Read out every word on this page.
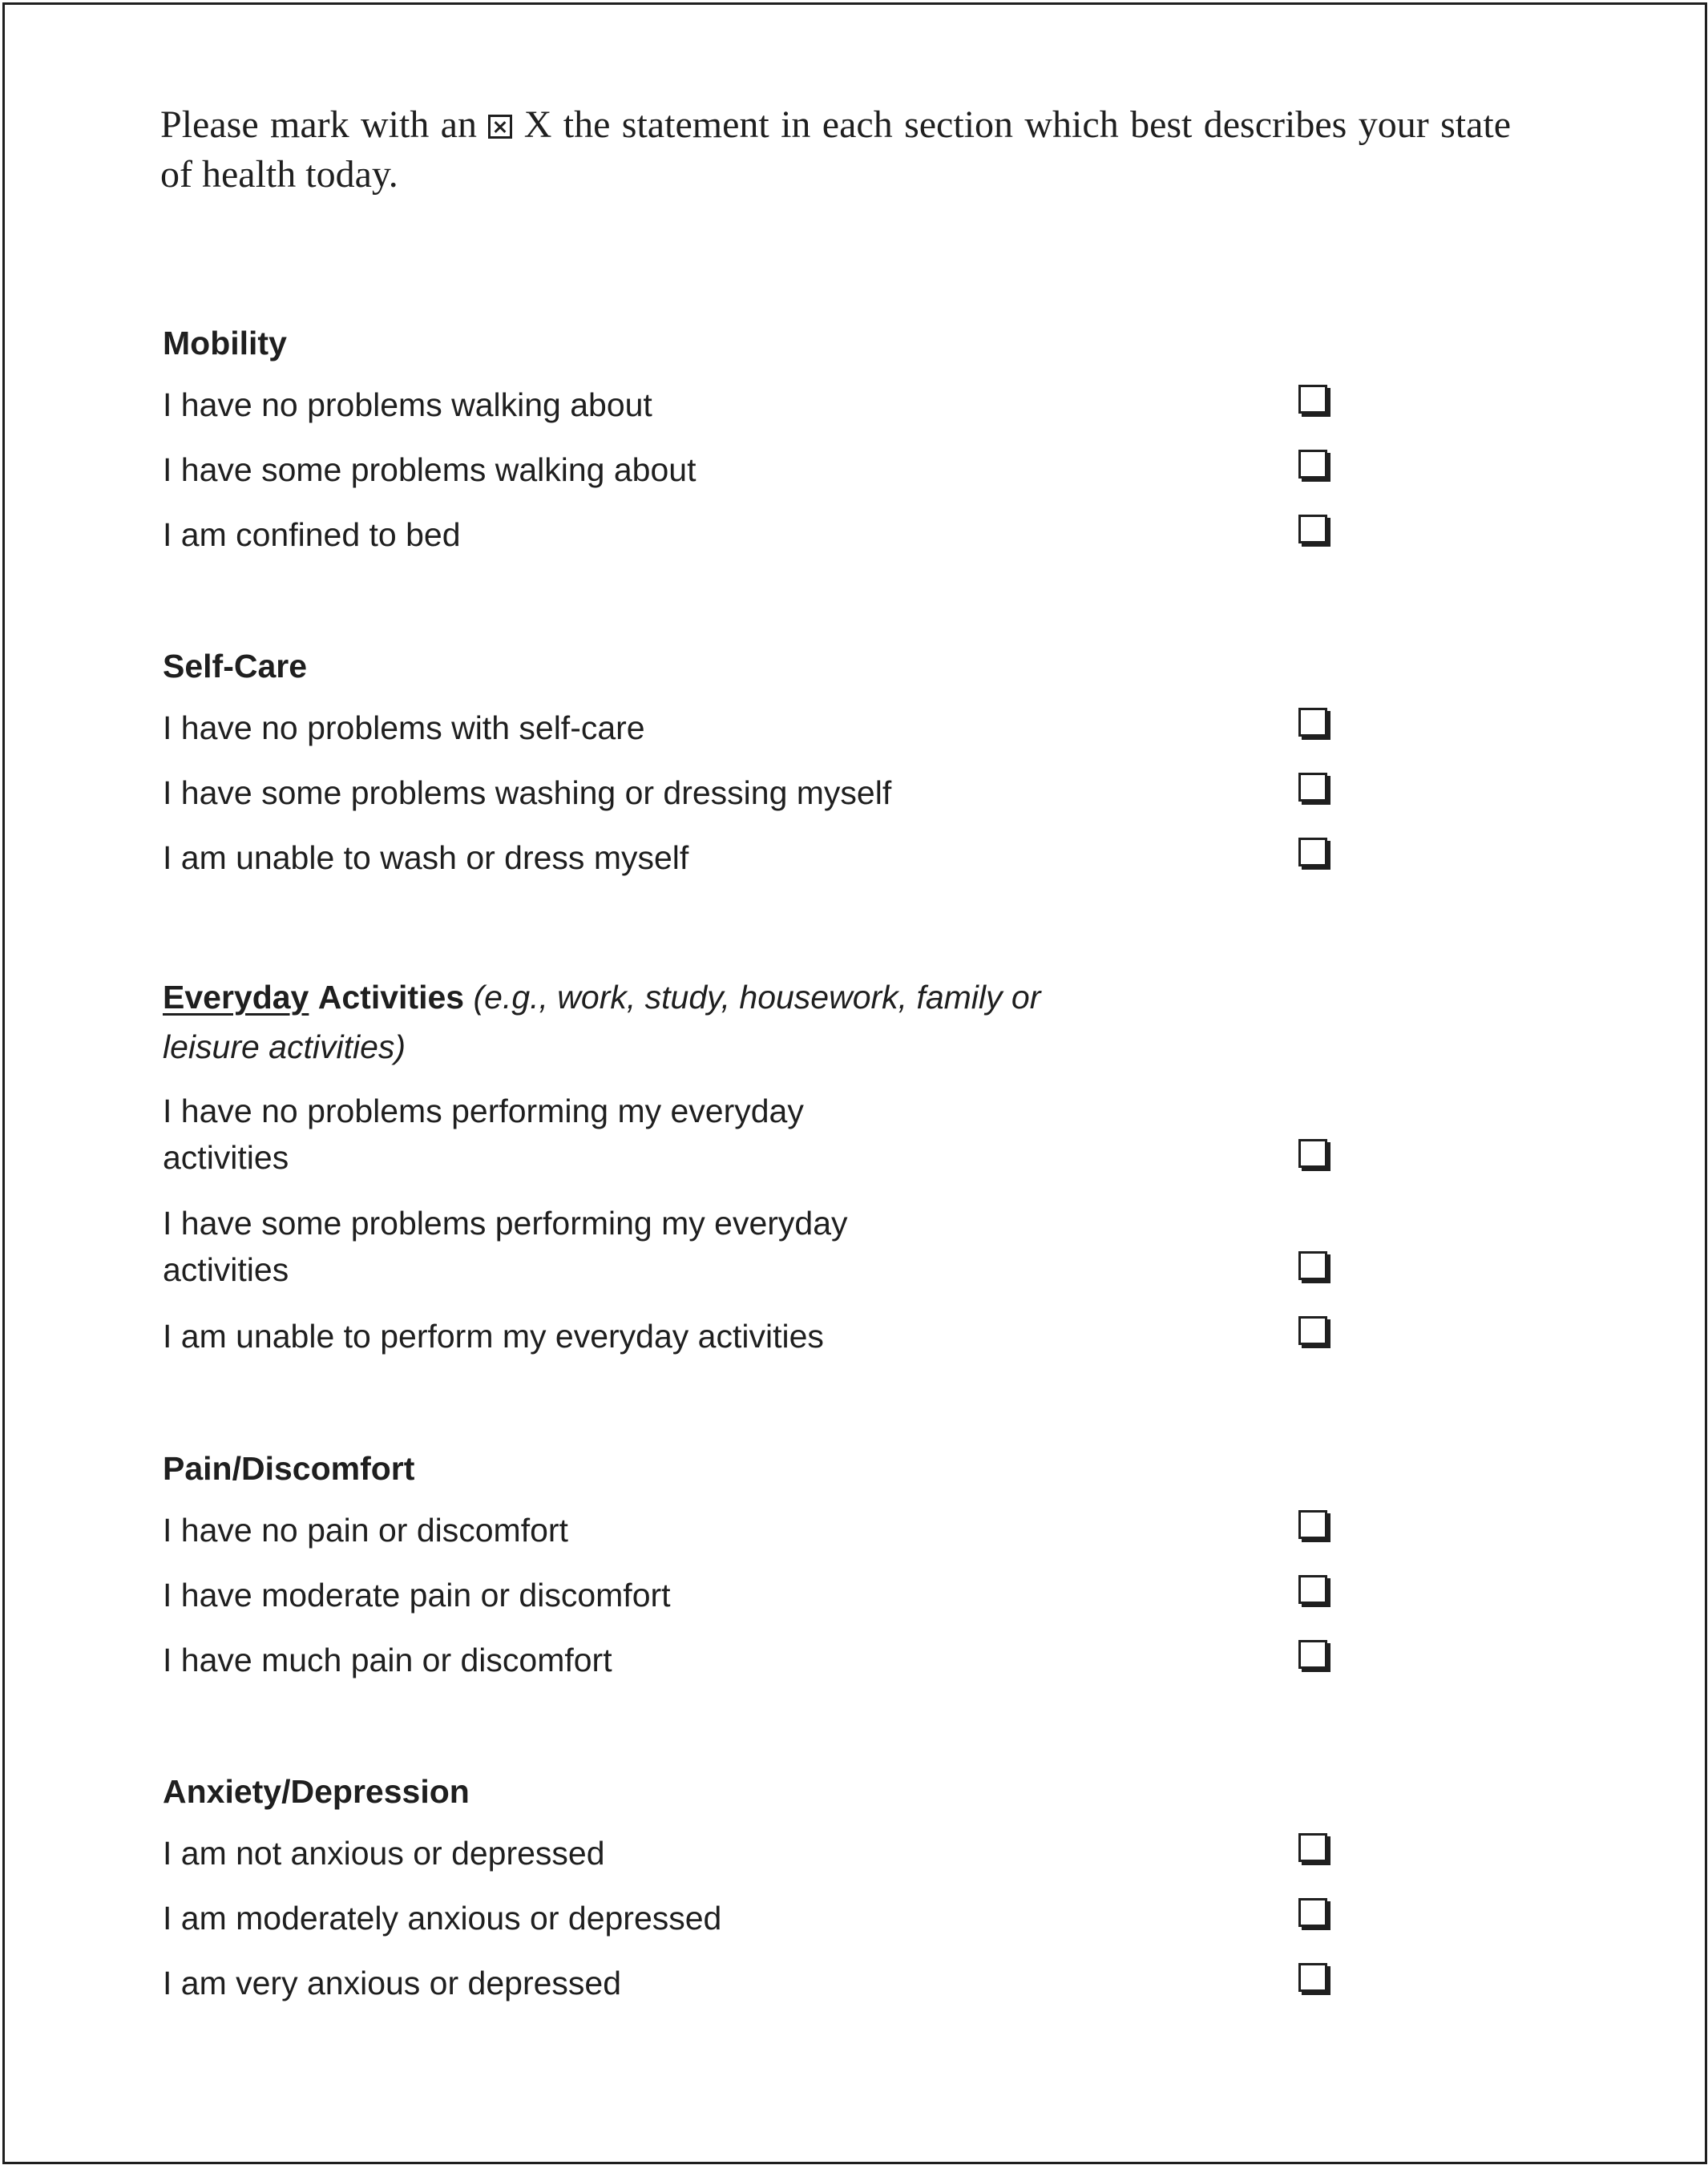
Please mark with an X the statement in each section which best describes your state of health today.
Mobility
I have no problems walking about
I have some problems walking about
I am confined to bed
Self-Care
I have no problems with self-care
I have some problems washing or dressing myself
I am unable to wash or dress myself
Everyday Activities (e.g., work, study, housework, family or leisure activities)
I have no problems performing my everyday activities
I have some problems performing my everyday activities
I am unable to perform my everyday activities
Pain/Discomfort
I have no pain or discomfort
I have moderate pain or discomfort
I have much pain or discomfort
Anxiety/Depression
I am not anxious or depressed
I am moderately anxious or depressed
I am very anxious or depressed
